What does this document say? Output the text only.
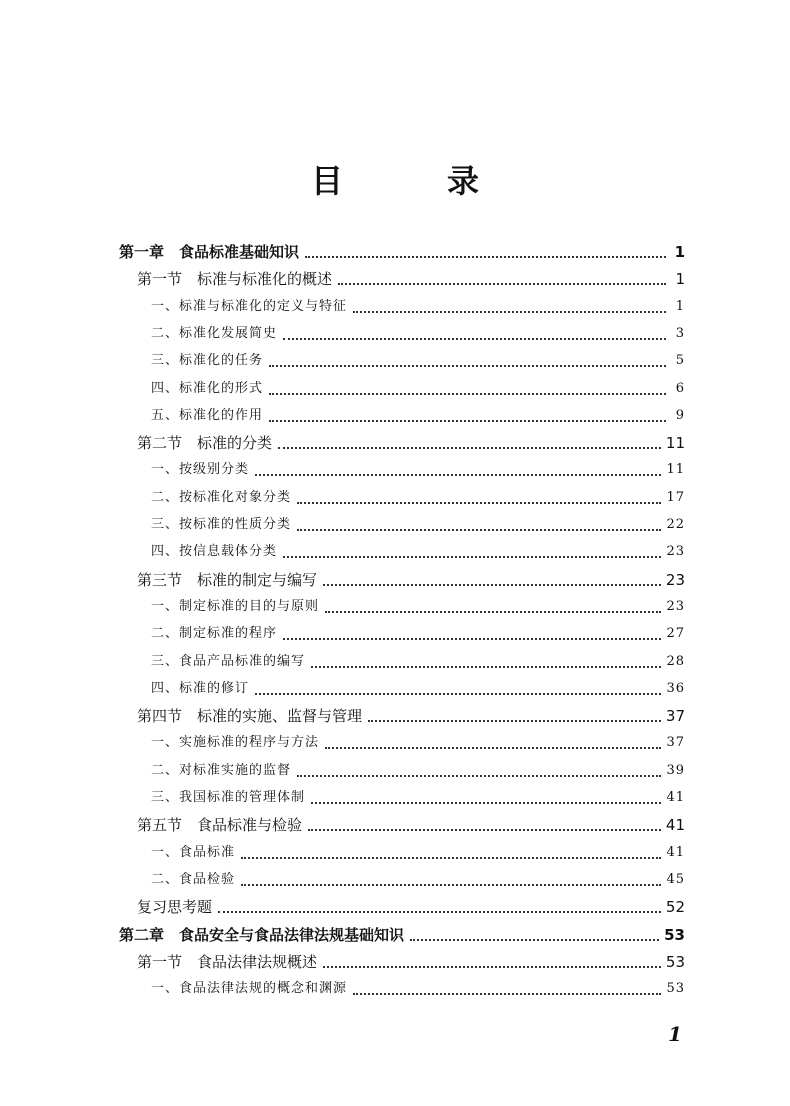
目　录
第一章　食品标准基础知识	1
第一节　标准与标准化的概述	1
一、标准与标准化的定义与特征	1
二、标准化发展简史	3
三、标准化的任务	5
四、标准化的形式	6
五、标准化的作用	9
第二节　标准的分类	11
一、按级别分类	11
二、按标准化对象分类	17
三、按标准的性质分类	22
四、按信息载体分类	23
第三节　标准的制定与编写	23
一、制定标准的目的与原则	23
二、制定标准的程序	27
三、食品产品标准的编写	28
四、标准的修订	36
第四节　标准的实施、监督与管理	37
一、实施标准的程序与方法	37
二、对标准实施的监督	39
三、我国标准的管理体制	41
第五节　食品标准与检验	41
一、食品标准	41
二、食品检验	45
复习思考题	52
第二章　食品安全与食品法律法规基础知识	53
第一节　食品法律法规概述	53
一、食品法律法规的概念和渊源	53
1
